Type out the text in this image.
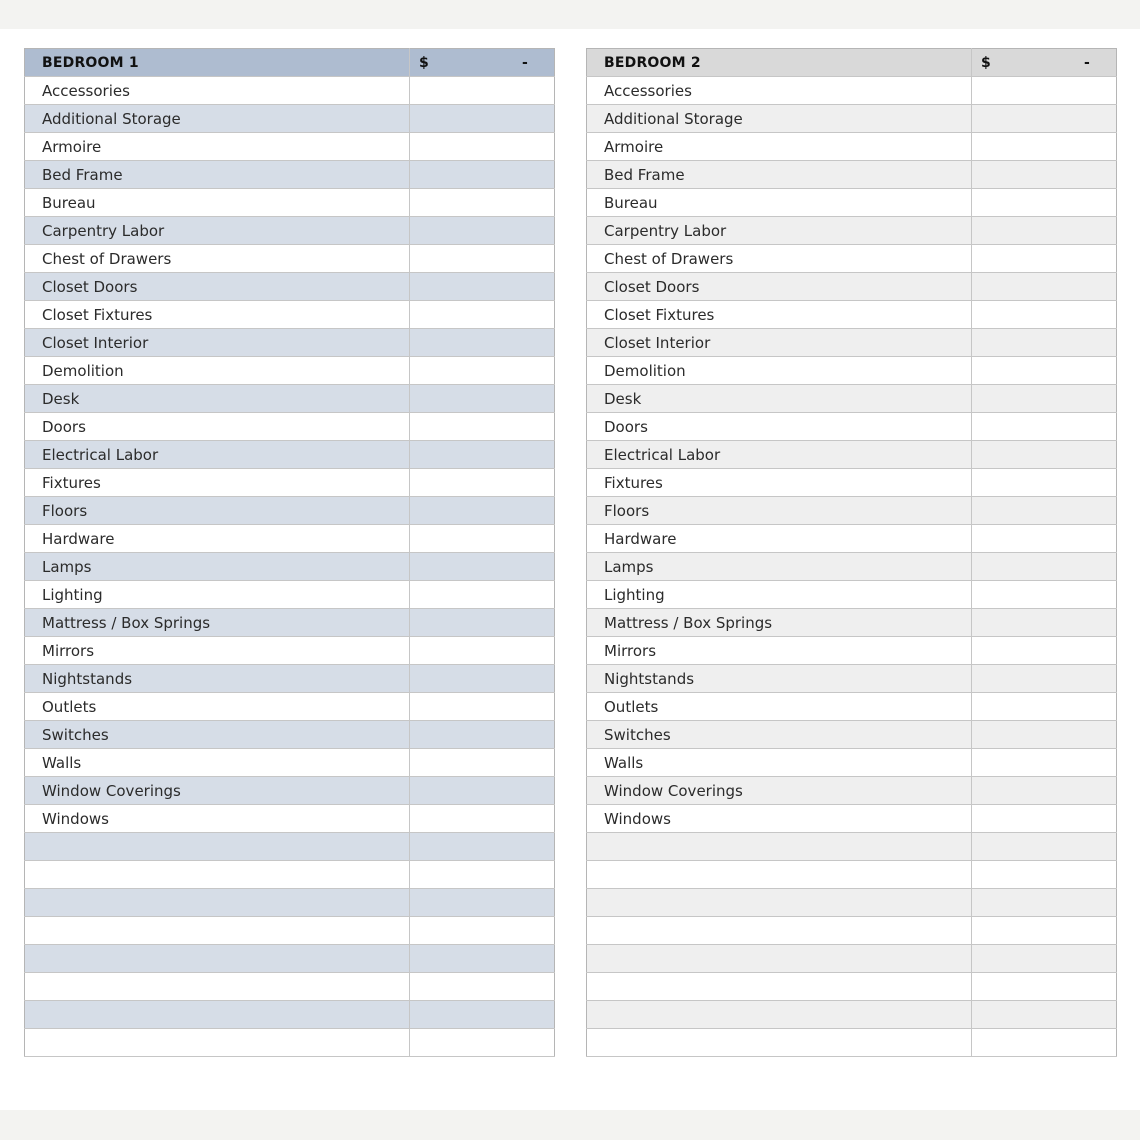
BEDROOM 1	$ -

Accessories	
Additional Storage	
Armoire	
Bed Frame	
Bureau	
Carpentry Labor	
Chest of Drawers	
Closet Doors	
Closet Fixtures	
Closet Interior	
Demolition	
Desk	
Doors	
Electrical Labor	
Fixtures	
Floors	
Hardware	
Lamps	
Lighting	
Mattress / Box Springs	
Mirrors	
Nightstands	
Outlets	
Switches	
Walls	
Window Coverings	
Windows	

BEDROOM 2	$ -

Accessories	
Additional Storage	
Armoire	
Bed Frame	
Bureau	
Carpentry Labor	
Chest of Drawers	
Closet Doors	
Closet Fixtures	
Closet Interior	
Demolition	
Desk	
Doors	
Electrical Labor	
Fixtures	
Floors	
Hardware	
Lamps	
Lighting	
Mattress / Box Springs	
Mirrors	
Nightstands	
Outlets	
Switches	
Walls	
Window Coverings	
Windows	
